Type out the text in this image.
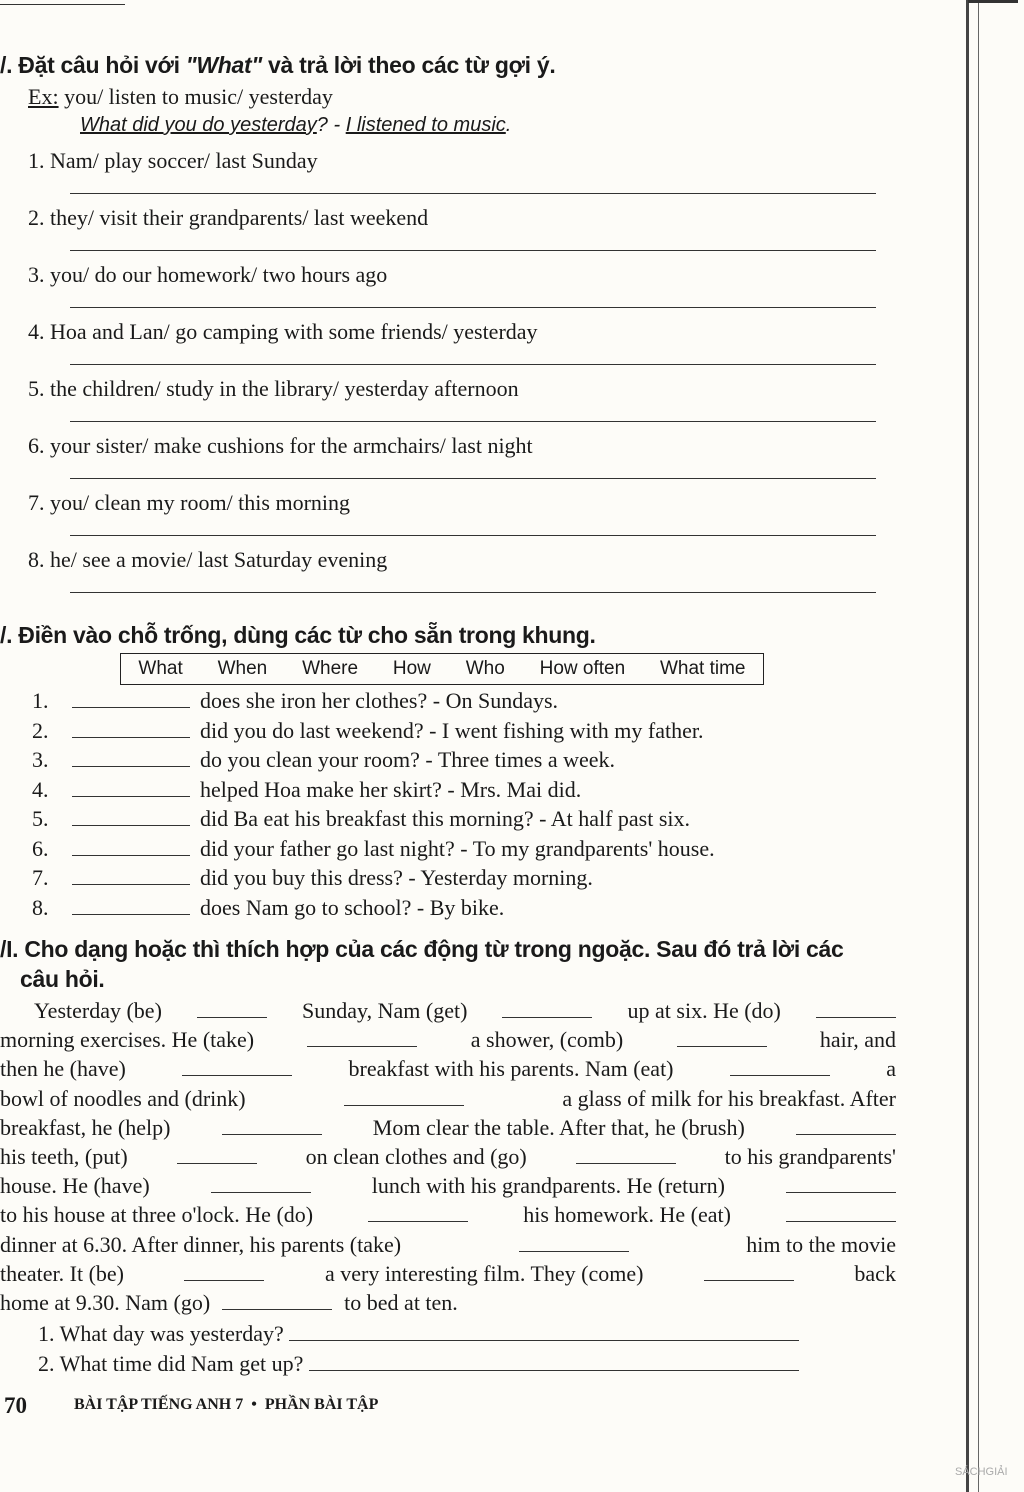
/. Đặt câu hỏi với "What" và trả lời theo các từ gợi ý.
Ex: you/ listen to music/ yesterday
What did you do yesterday? - I listened to music.
1. Nam/ play soccer/ last Sunday
2. they/ visit their grandparents/ last weekend
3. you/ do our homework/ two hours ago
4. Hoa and Lan/ go camping with some friends/ yesterday
5. the children/ study in the library/ yesterday afternoon
6. your sister/ make cushions for the armchairs/ last night
7. you/ clean my room/ this morning
8. he/ see a movie/ last Saturday evening
/. Điền vào chỗ trống, dùng các từ cho sẵn trong khung.
What When Where How Who How often What time
1.	does she iron her clothes? - On Sundays.
2.	did you do last weekend? - I went fishing with my father.
3.	do you clean your room? - Three times a week.
4.	helped Hoa make her skirt? - Mrs. Mai did.
5.	did Ba eat his breakfast this morning? - At half past six.
6.	did your father go last night? - To my grandparents' house.
7.	did you buy this dress? - Yesterday morning.
8.	does Nam go to school? - By bike.
/I. Cho dạng hoặc thì thích hợp của các động từ trong ngoặc. Sau đó trả lời các
câu hỏi.
Yesterday (be)	Sunday, Nam (get)	up at six. He (do)
morning exercises. He (take)	a shower, (comb)	hair, and
then he (have)	breakfast with his parents. Nam (eat)	a
bowl of noodles and (drink)	a glass of milk for his breakfast. After
breakfast, he (help)	Mom clear the table. After that, he (brush)
his teeth, (put)	on clean clothes and (go)	to his grandparents'
house. He (have)	lunch with his grandparents. He (return)
to his house at three o'lock. He (do)	his homework. He (eat)
dinner at 6.30. After dinner, his parents (take)	him to the movie
theater. It (be)	a very interesting film. They (come)	back
home at 9.30. Nam (go)	to bed at ten.
1. What day was yesterday?
2. What time did Nam get up?
70	BÀI TẬP TIẾNG ANH 7 • PHẦN BÀI TẬP
SÁCHGIẢI
